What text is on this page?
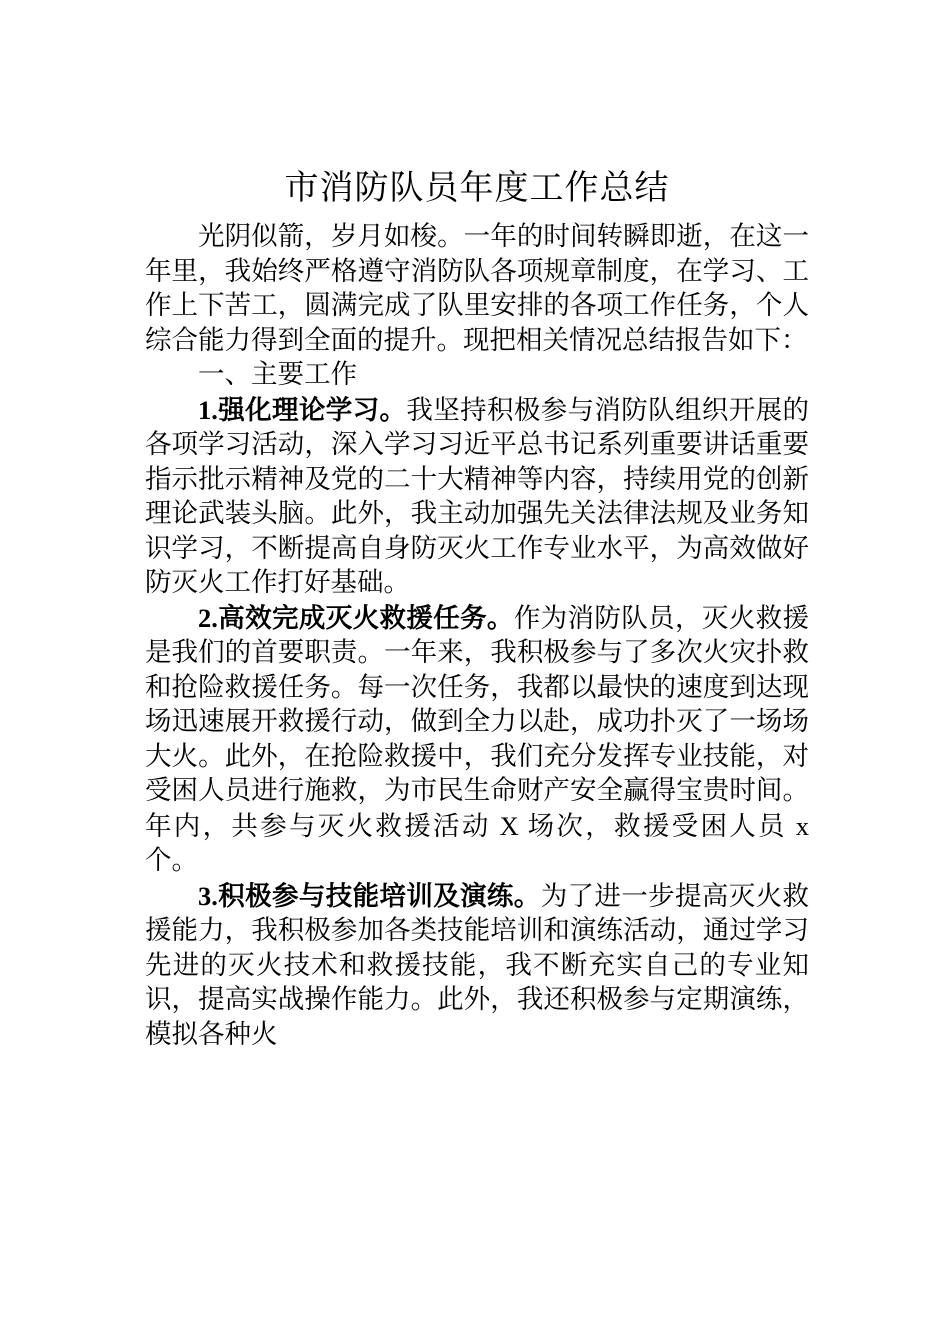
市消防队员年度工作总结

光阴似箭，岁月如梭。一年的时间转瞬即逝，在这一年里，我始终严格遵守消防队各项规章制度，在学习、工作上下苦工，圆满完成了队里安排的各项工作任务，个人综合能力得到全面的提升。现把相关情况总结报告如下：

一、主要工作

1.强化理论学习。我坚持积极参与消防队组织开展的各项学习活动，深入学习习近平总书记系列重要讲话重要指示批示精神及党的二十大精神等内容，持续用党的创新理论武装头脑。此外，我主动加强先关法律法规及业务知识学习，不断提高自身防灭火工作专业水平，为高效做好防灭火工作打好基础。

2.高效完成灭火救援任务。作为消防队员，灭火救援是我们的首要职责。一年来，我积极参与了多次火灾扑救和抢险救援任务。每一次任务，我都以最快的速度到达现场迅速展开救援行动，做到全力以赴，成功扑灭了一场场大火。此外，在抢险救援中，我们充分发挥专业技能，对受困人员进行施救，为市民生命财产安全赢得宝贵时间。年内，共参与灭火救援活动 X 场次，救援受困人员 x 个。

3.积极参与技能培训及演练。为了进一步提高灭火救援能力，我积极参加各类技能培训和演练活动，通过学习先进的灭火技术和救援技能，我不断充实自己的专业知识，提高实战操作能力。此外，我还积极参与定期演练，模拟各种火
